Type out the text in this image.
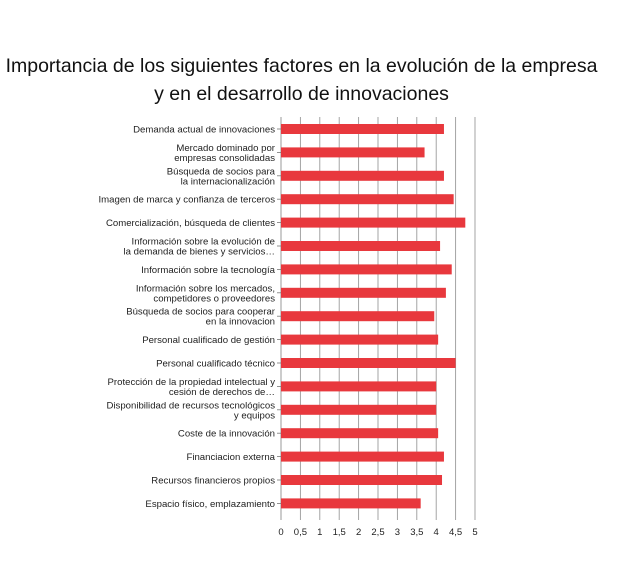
Importancia de los siguientes factores en la evolución de la empresa y en el desarrollo de innovaciones
Demanda actual de innovaciones
Mercado dominado por empresas consolidadas
Búsqueda de socios para la internacionalización
Imagen de marca y confianza de terceros
Comercialización, búsqueda de clientes
Información sobre la evolución de la demanda de bienes y servicios…
Información sobre la tecnología
Información sobre los mercados, competidores o proveedores
Búsqueda de socios para cooperar en la innovacion
Personal cualificado de gestión
Personal cualificado técnico
Protección de la propiedad intelectual y cesión de derechos de…
Disponibilidad de recursos tecnológicos y equipos
Coste de la innovación
Financiacion externa
Recursos financieros propios
Espacio físico, emplazamiento
0 0,5 1 1,5 2 2,5 3 3,5 4 4,5 5
